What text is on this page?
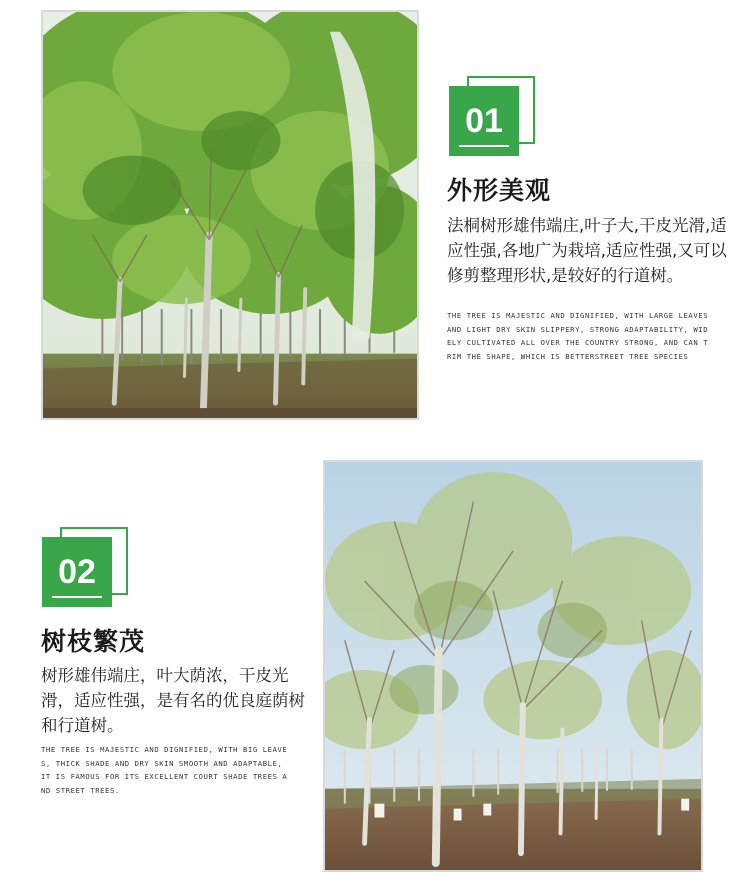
01
外形美观
法桐树形雄伟端庄,叶子大,干皮光滑,适应性强,各地广为栽培,适应性强,又可以修剪整理形状,是较好的行道树。
THE TREE IS MAJESTIC AND DIGNIFIED, WITH LARGE LEAVES AND LIGHT DRY SKIN SLIPPERY, STRONG ADAPTABILITY, WIDELY CULTIVATED ALL OVER THE COUNTRY STRONG, AND CAN TRIM THE SHAPE, WHICH IS BETTERSTREET TREE SPECIES
02
树枝繁茂
树形雄伟端庄，叶大荫浓，干皮光滑，适应性强，是有名的优良庭荫树和行道树。
THE TREE IS MAJESTIC AND DIGNIFIED, WITH BIG LEAVES, THICK SHADE AND DRY SKIN SMOOTH AND ADAPTABLE, IT IS FAMOUS FOR ITS EXCELLENT COURT SHADE TREES AND STREET TREES.
